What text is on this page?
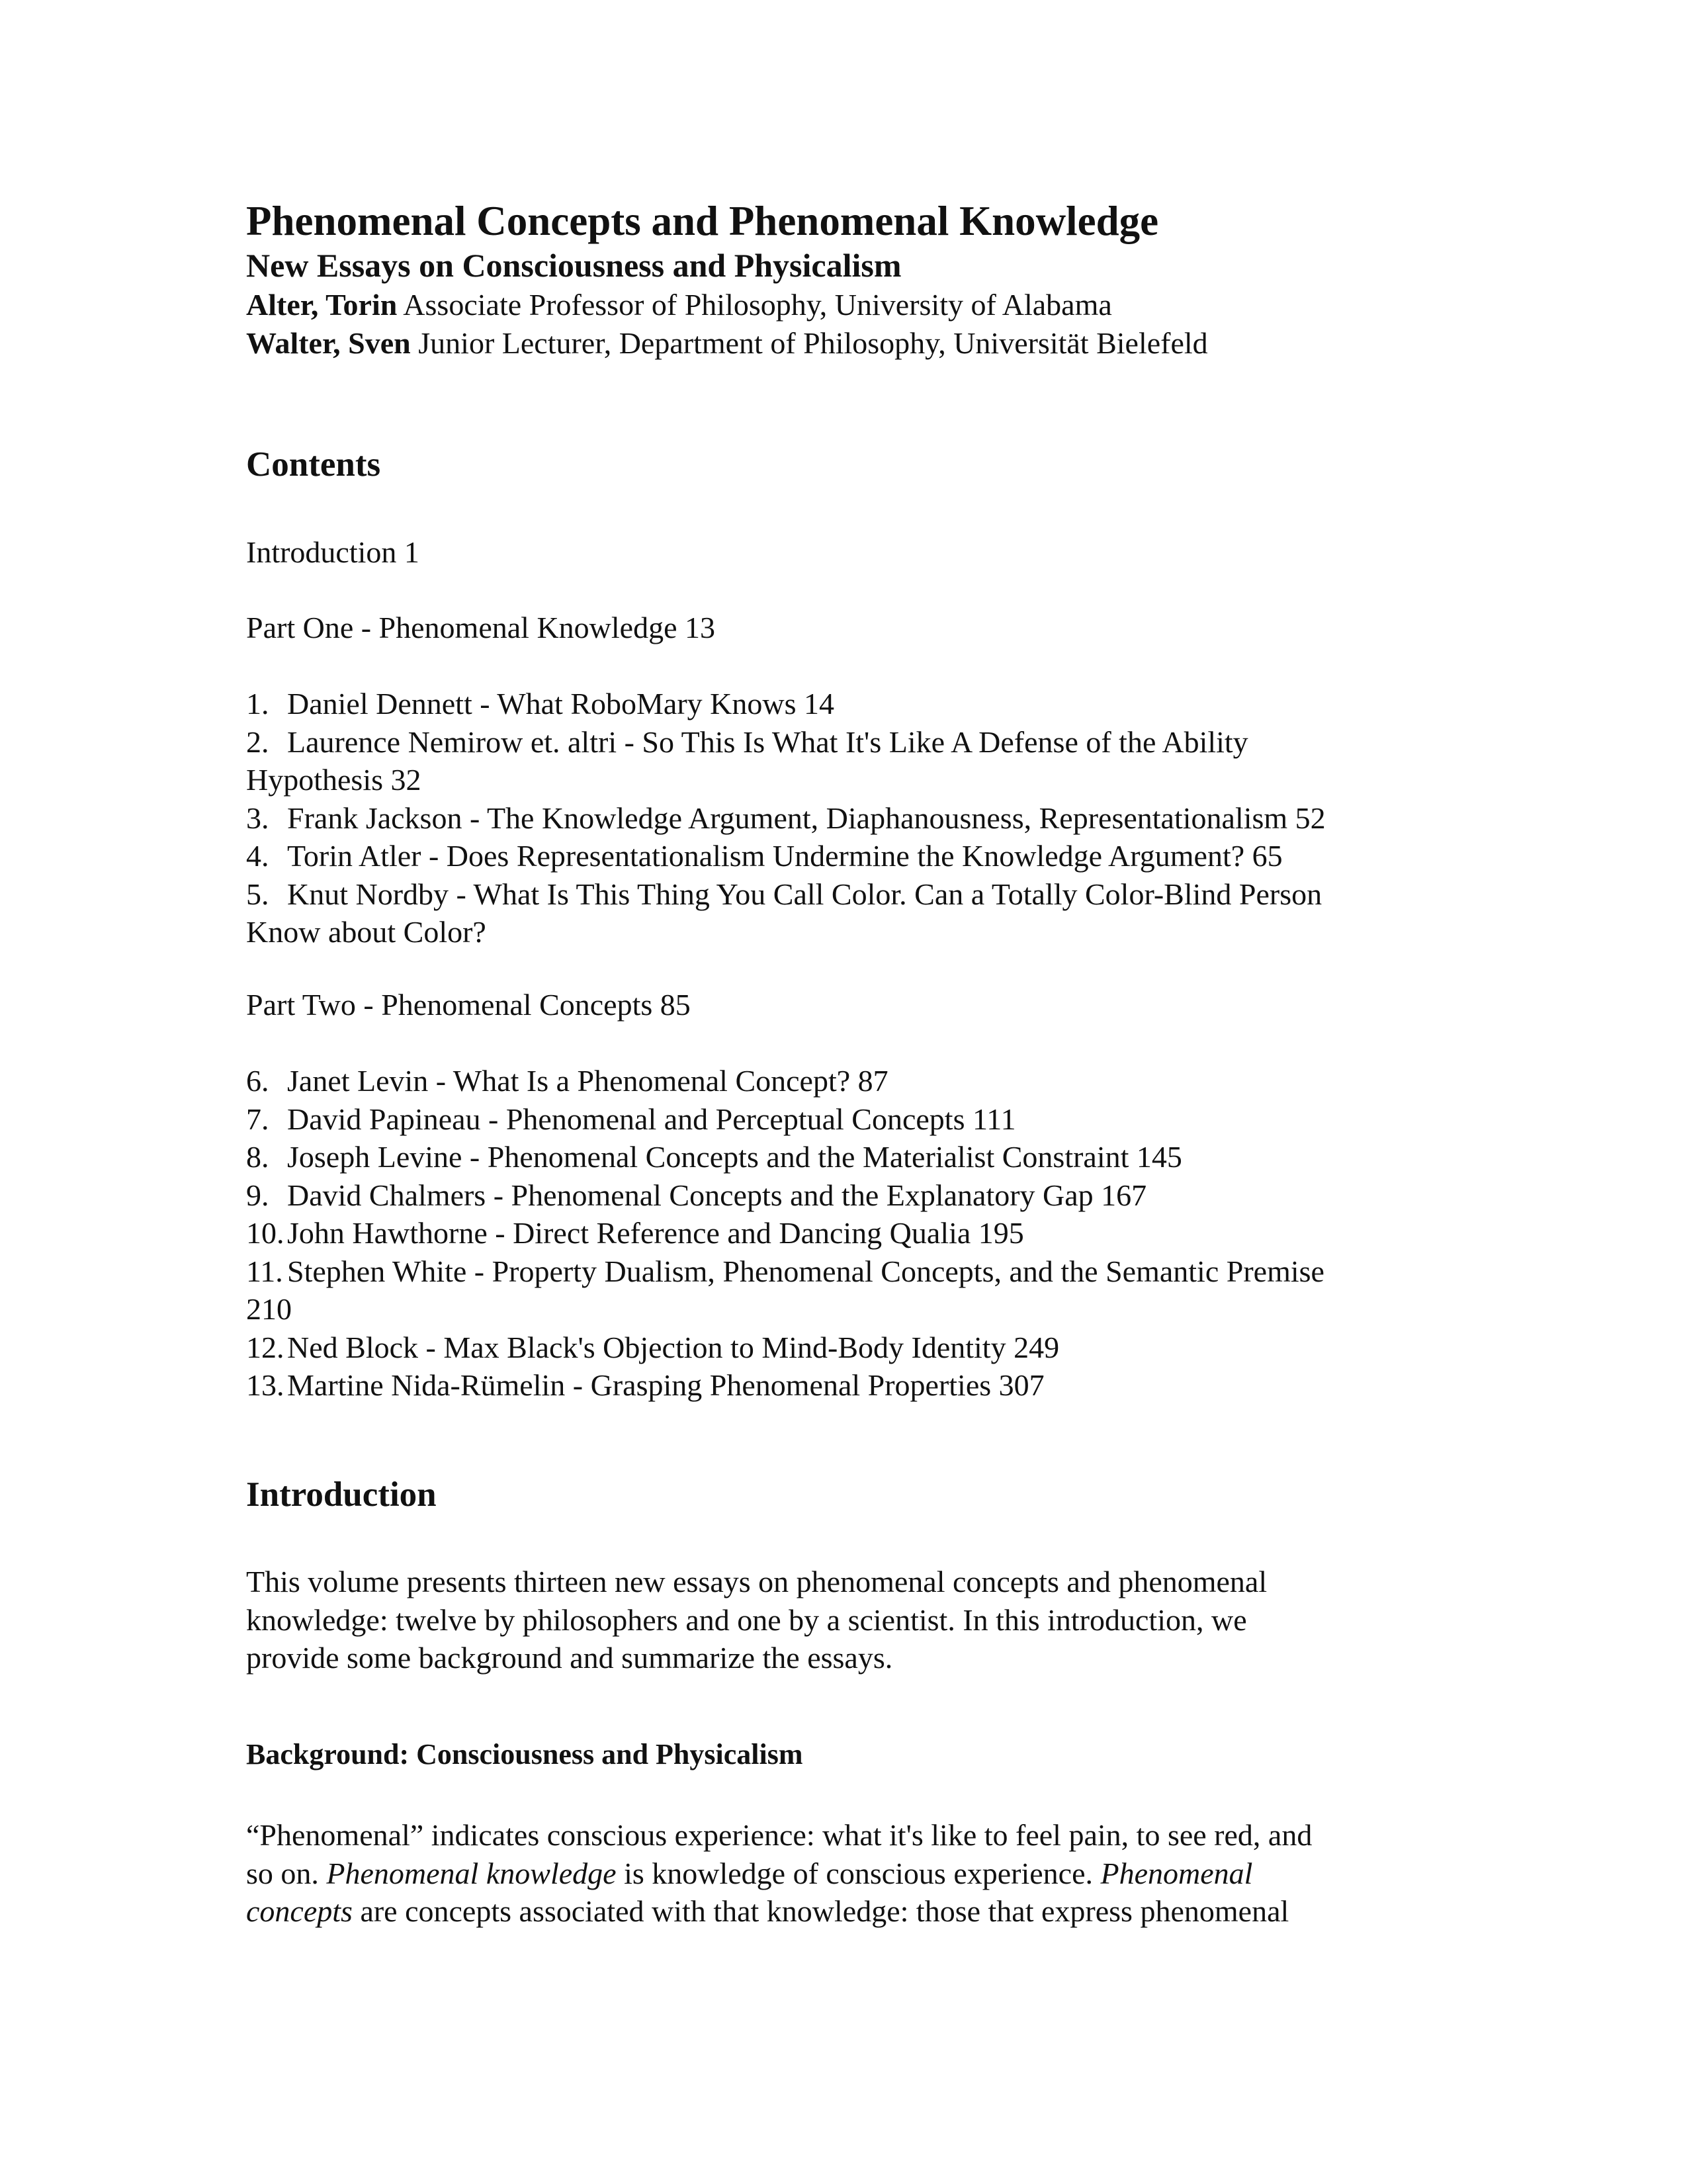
Phenomenal Concepts and Phenomenal Knowledge
New Essays on Consciousness and Physicalism
Alter, Torin Associate Professor of Philosophy, University of Alabama
Walter, Sven Junior Lecturer, Department of Philosophy, Universität Bielefeld
Contents
Introduction 1
Part One - Phenomenal Knowledge 13
1. Daniel Dennett - What RoboMary Knows 14
2. Laurence Nemirow et. altri - So This Is What It's Like A Defense of the Ability
Hypothesis 32
3. Frank Jackson - The Knowledge Argument, Diaphanousness, Representationalism 52
4. Torin Atler - Does Representationalism Undermine the Knowledge Argument? 65
5. Knut Nordby - What Is This Thing You Call Color. Can a Totally Color-Blind Person
Know about Color?
Part Two - Phenomenal Concepts 85
6. Janet Levin - What Is a Phenomenal Concept? 87
7. David Papineau - Phenomenal and Perceptual Concepts 111
8. Joseph Levine - Phenomenal Concepts and the Materialist Constraint 145
9. David Chalmers - Phenomenal Concepts and the Explanatory Gap 167
10.John Hawthorne - Direct Reference and Dancing Qualia 195
11. Stephen White - Property Dualism, Phenomenal Concepts, and the Semantic Premise
210
12.Ned Block - Max Black's Objection to Mind-Body Identity 249
13.Martine Nida-Rümelin - Grasping Phenomenal Properties 307
Introduction
This volume presents thirteen new essays on phenomenal concepts and phenomenal
knowledge: twelve by philosophers and one by a scientist. In this introduction, we
provide some background and summarize the essays.
Background: Consciousness and Physicalism
“Phenomenal” indicates conscious experience: what it's like to feel pain, to see red, and
so on. Phenomenal knowledge is knowledge of conscious experience. Phenomenal
concepts are concepts associated with that knowledge: those that express phenomenal
